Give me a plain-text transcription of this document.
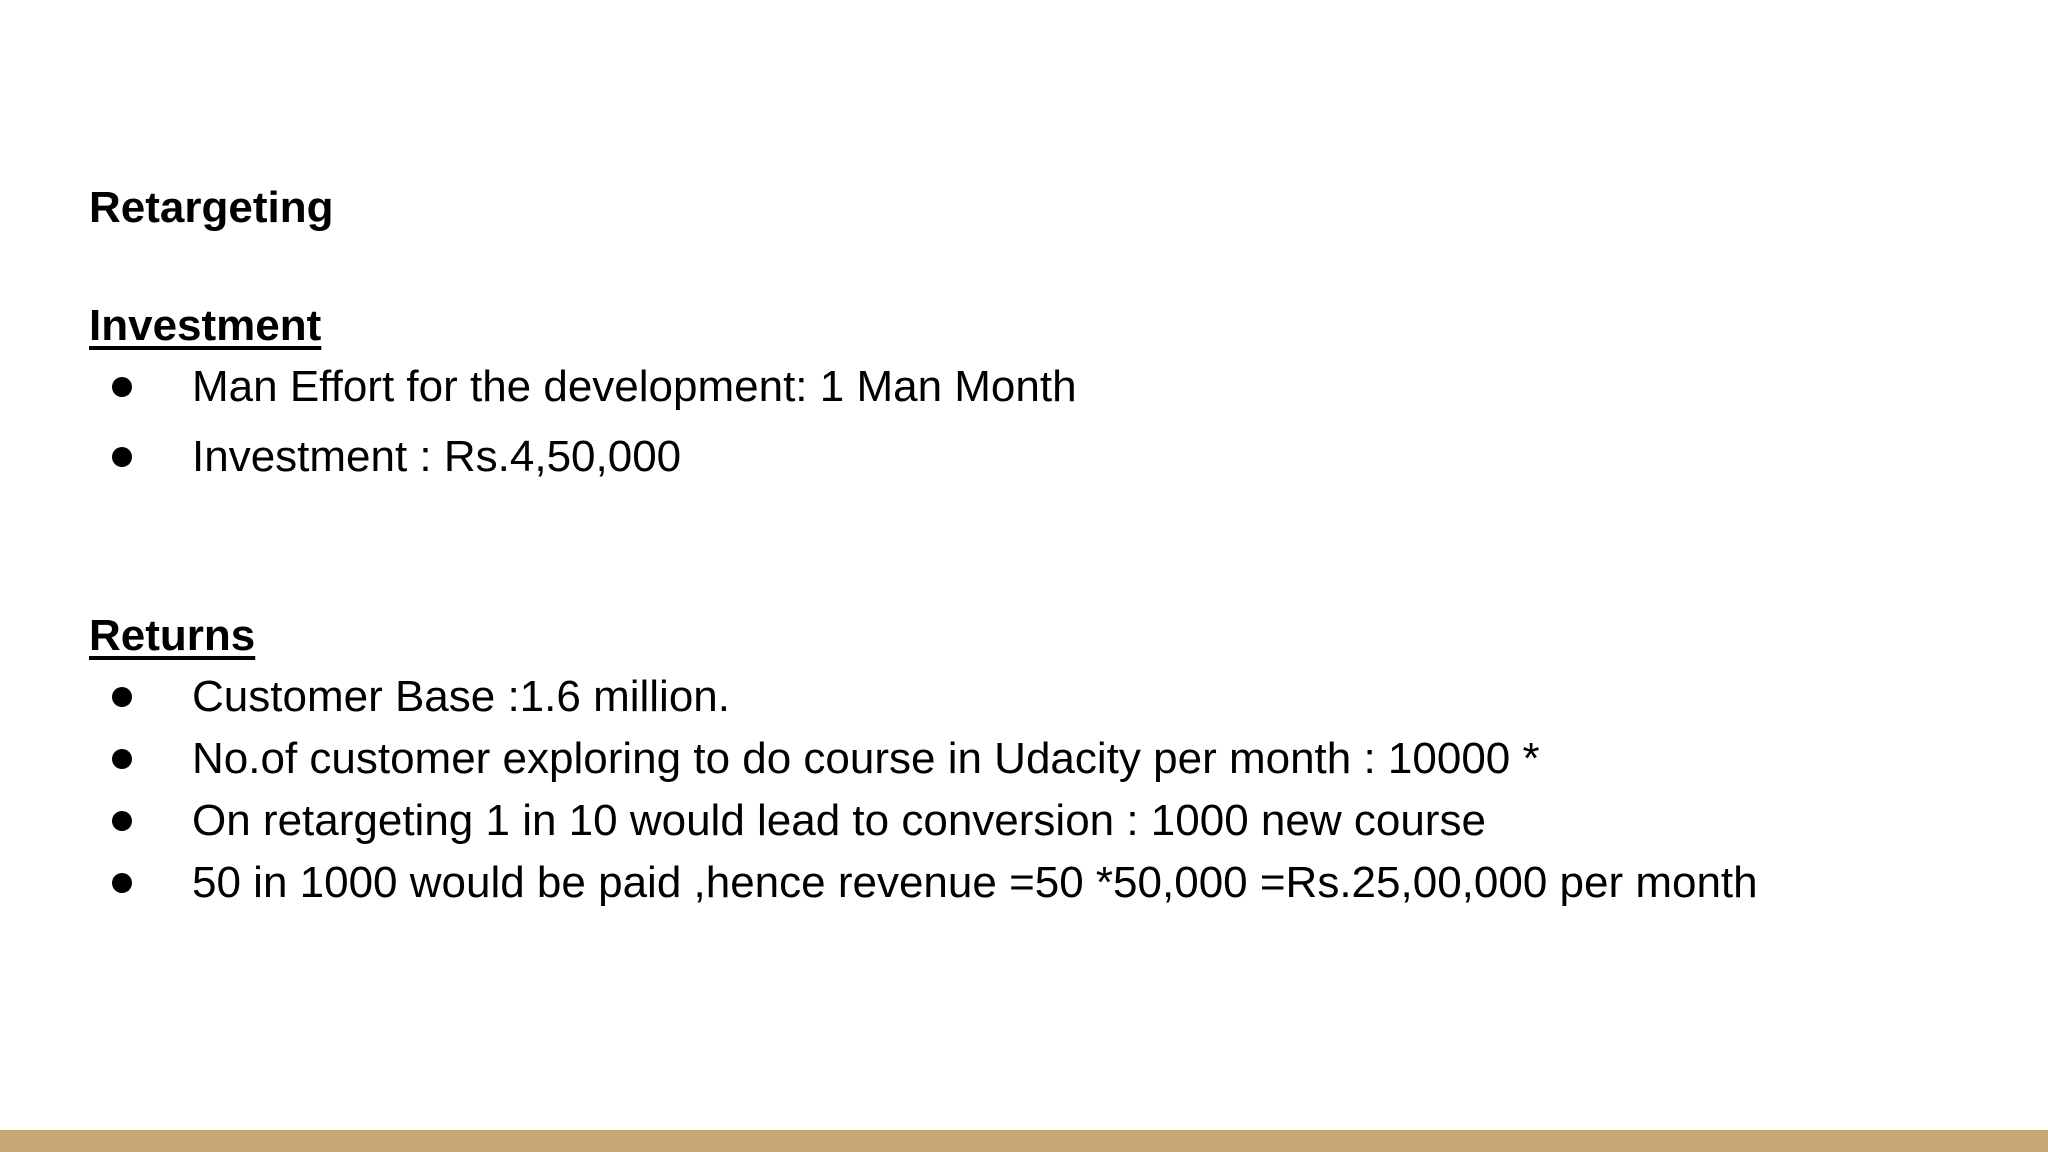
Retargeting
Investment
Man Effort for the development: 1 Man Month
Investment : Rs.4,50,000
Returns
Customer Base :1.6 million.
No.of customer exploring to do course in Udacity per month : 10000 *
On retargeting 1 in 10 would lead to conversion : 1000 new course
50 in 1000 would be paid ,hence revenue =50 *50,000 =Rs.25,00,000 per month
